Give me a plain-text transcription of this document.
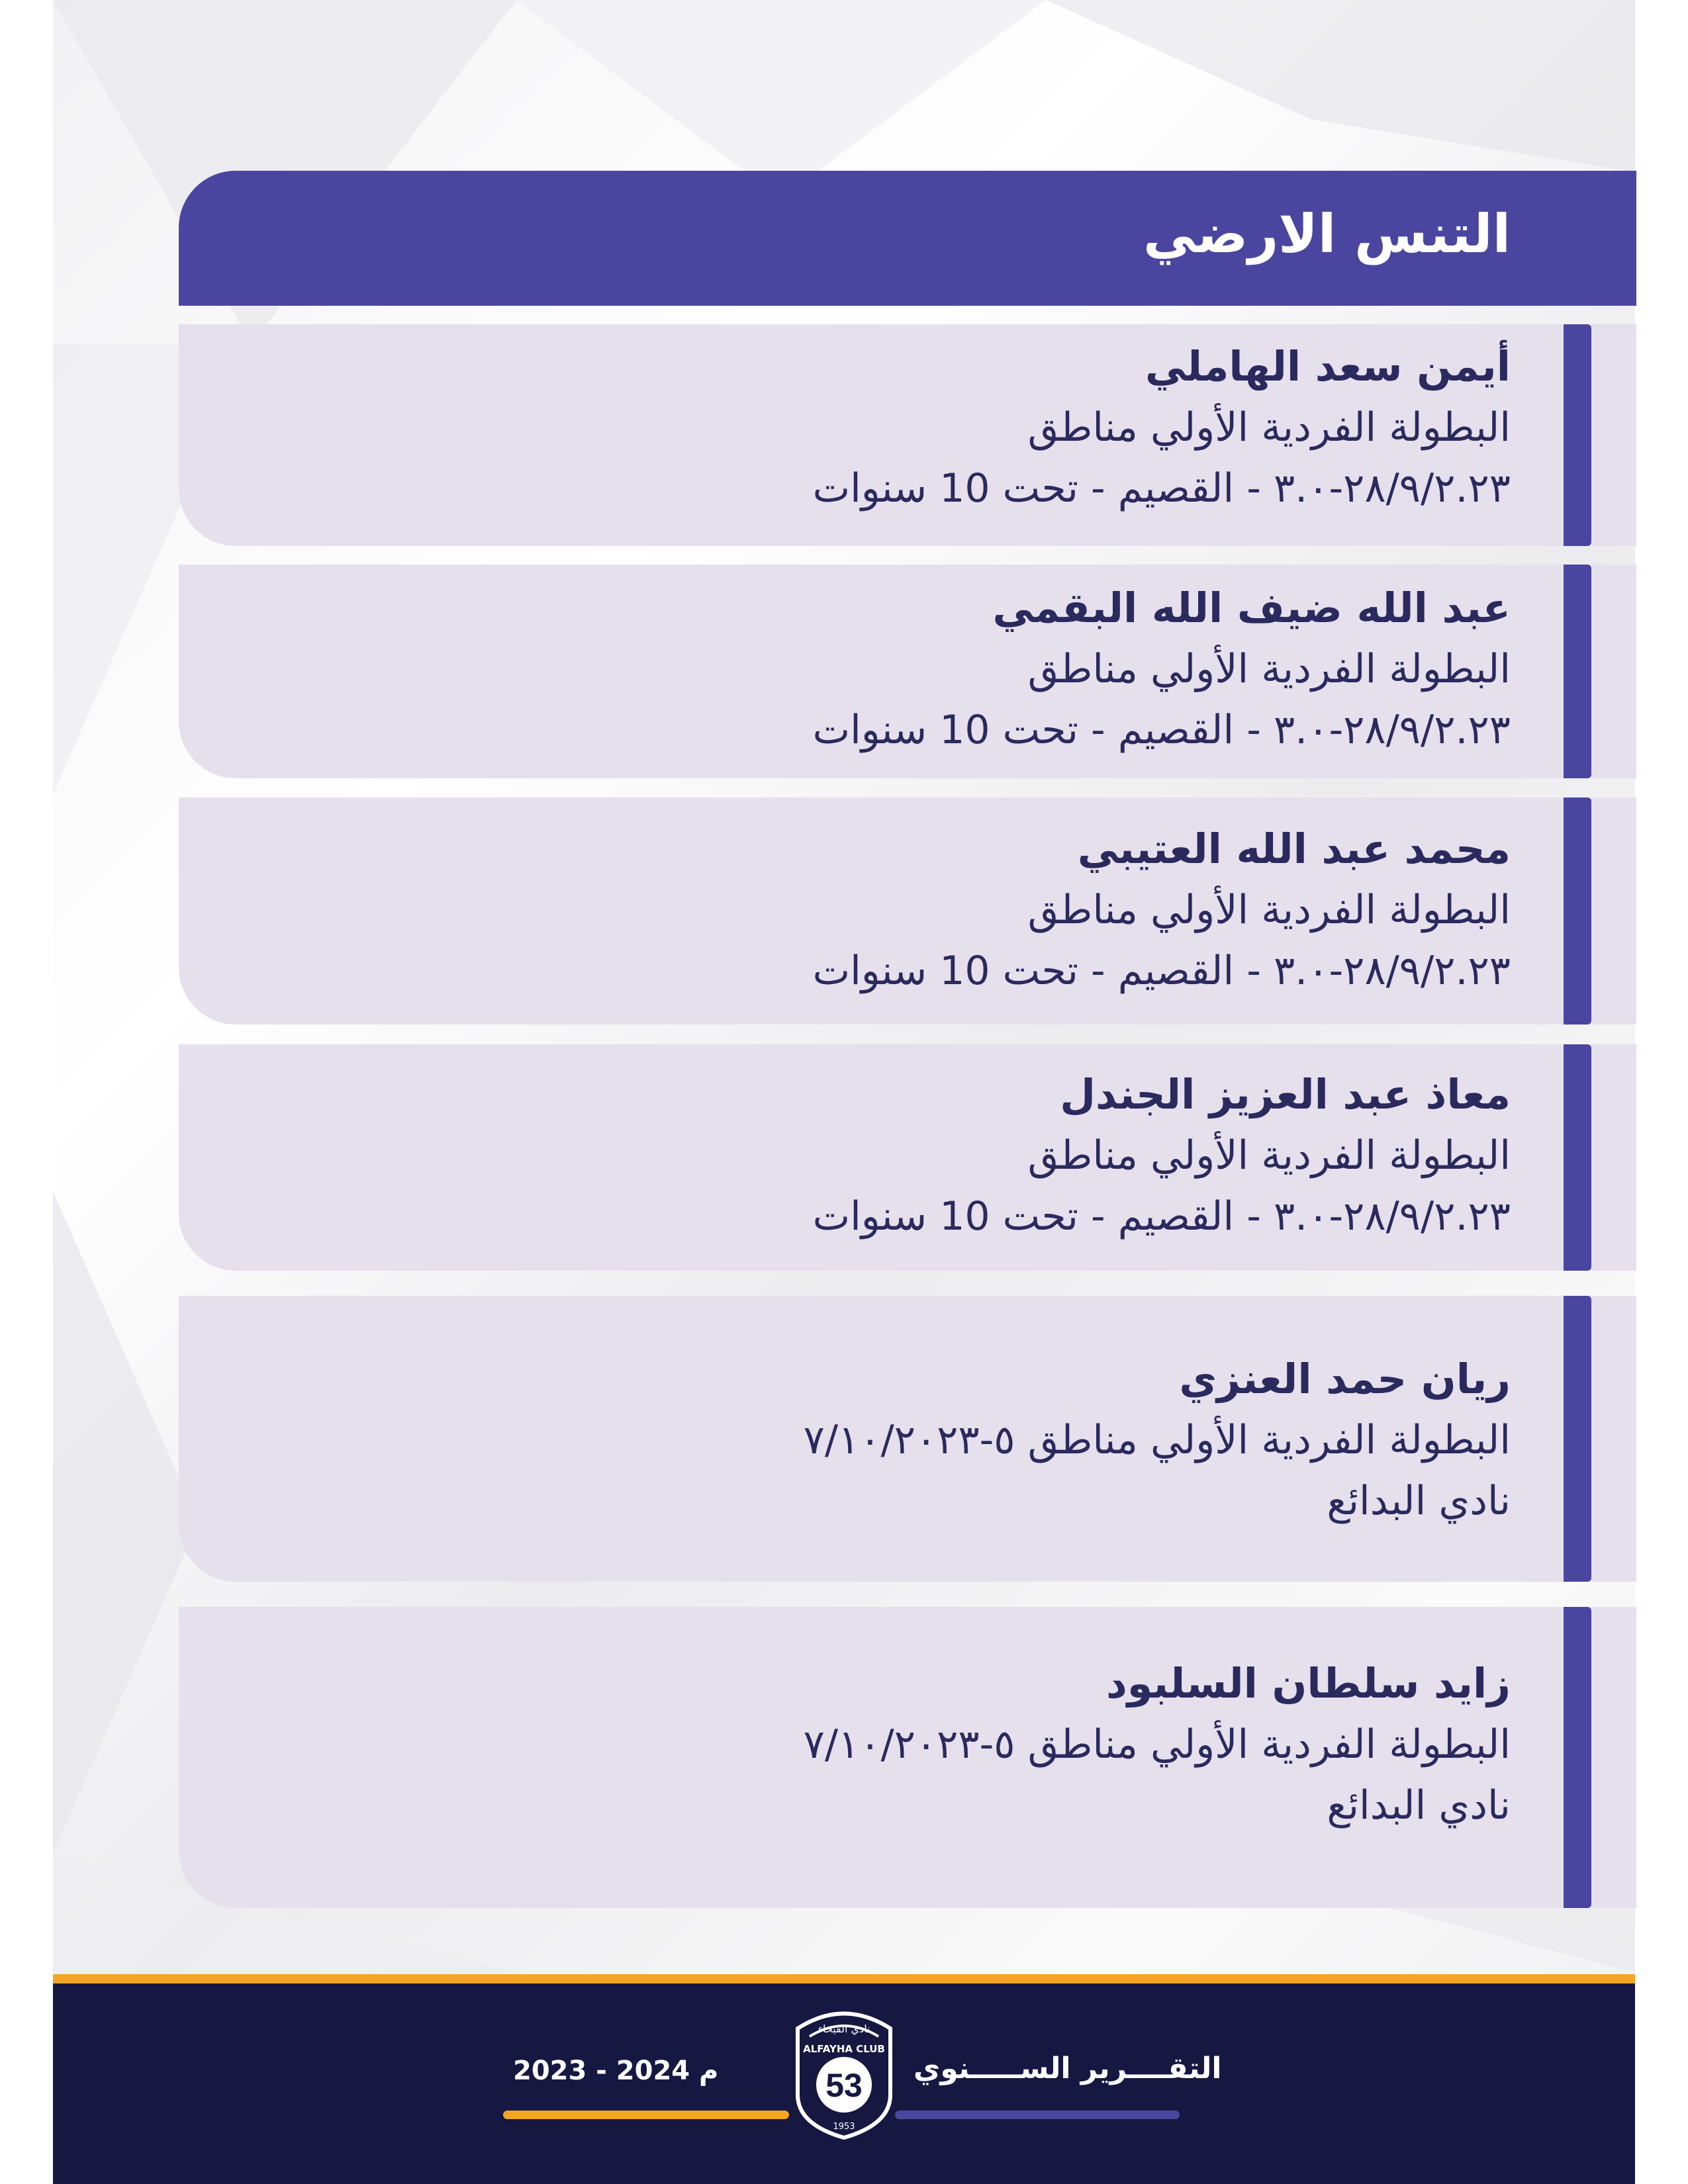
التنس الارضي
أيمن سعد الهاملي
البطولة الفردية الأولي مناطق
٢٨/٩/٢.٢٣-٣.٠ - القصيم - تحت 10 سنوات
عبد الله ضيف الله البقمي
البطولة الفردية الأولي مناطق
٢٨/٩/٢.٢٣-٣.٠ - القصيم - تحت 10 سنوات
محمد عبد الله العتيبي
البطولة الفردية الأولي مناطق
٢٨/٩/٢.٢٣-٣.٠ - القصيم - تحت 10 سنوات
معاذ عبد العزيز الجندل
البطولة الفردية الأولي مناطق
٢٨/٩/٢.٢٣-٣.٠ - القصيم - تحت 10 سنوات
ريان حمد العنزي
البطولة الفردية الأولي مناطق ٥-٧/١٠/٢٠٢٣
نادي البدائع
زايد سلطان السلبود
البطولة الفردية الأولي مناطق ٥-٧/١٠/٢٠٢٣
نادي البدائع
التقــــرير الســـــنوي
م 2024 - 2023
نادي الفيحاء
ALFAYHA CLUB
53
1953
